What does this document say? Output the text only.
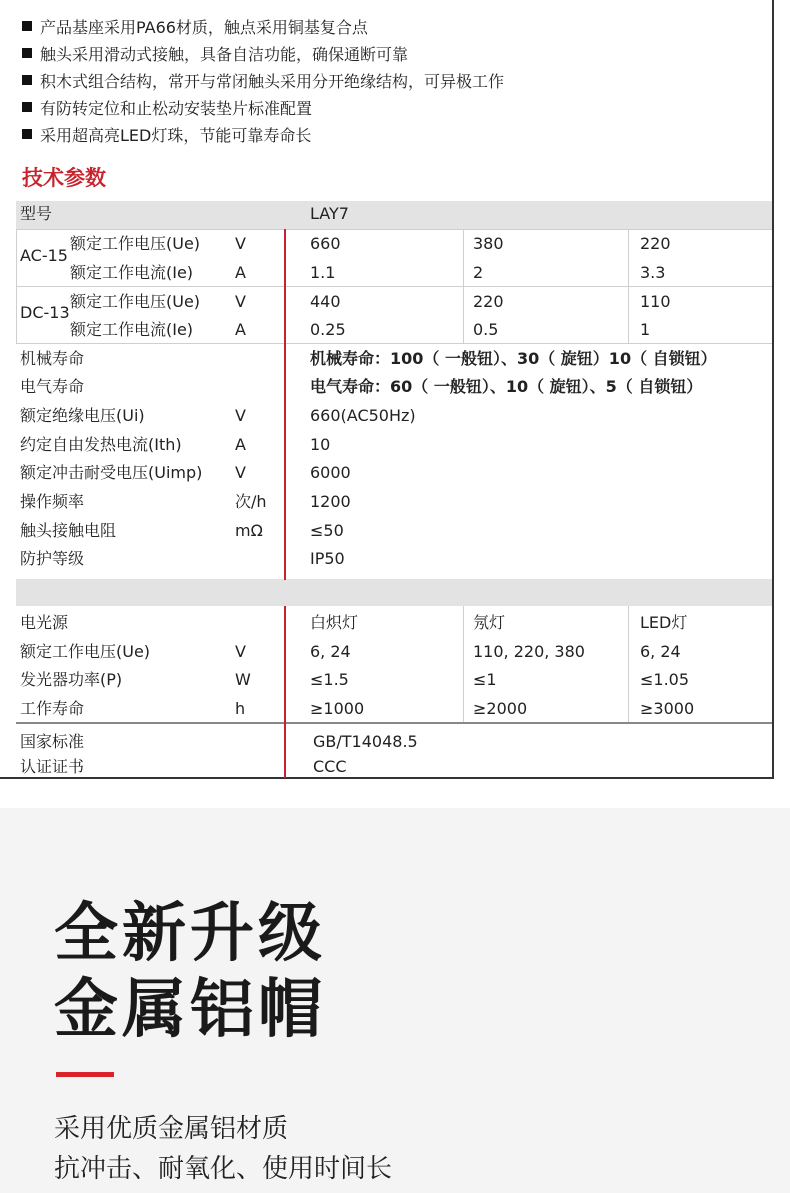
产品基座采用PA66材质，触点采用铜基复合点
触头采用滑动式接触，具备自洁功能，确保通断可靠
积木式组合结构，常开与常闭触头采用分开绝缘结构，可异极工作
有防转定位和止松动安装垫片标准配置
采用超高亮LED灯珠，节能可靠寿命长
技术参数
型号	LAY7
AC-15
额定工作电压(Ue) V	660	380	220
额定工作电流(Ie)	A	1.1	2	3.3
DC-13
额定工作电压(Ue) V	440	220	110
额定工作电流(Ie)	A	0.25	0.5	1
机械寿命	机械寿命：100（ 一般钮）、30（ 旋钮）10（ 自锁钮）
电气寿命	电气寿命：60（ 一般钮）、10（ 旋钮）、5（ 自锁钮）
额定绝缘电压(Ui)	V	660(AC50Hz)
约定自由发热电流(Ith)	A	10
额定冲击耐受电压(Uimp) V	6000
操作频率	次/h	1200
触头接触电阻	mΩ	≤50
防护等级	IP50
电光源	白炽灯	氖灯	LED灯
额定工作电压(Ue)	V	6, 24	110, 220, 380	6, 24
发光器功率(P)	W	≤1.5	≤1	≤1.05
工作寿命	h	≥1000	≥2000	≥3000
国家标准	GB/T14048.5
认证证书	CCC
全新升级
金属铝帽
采用优质金属铝材质
抗冲击、耐氧化、使用时间长
